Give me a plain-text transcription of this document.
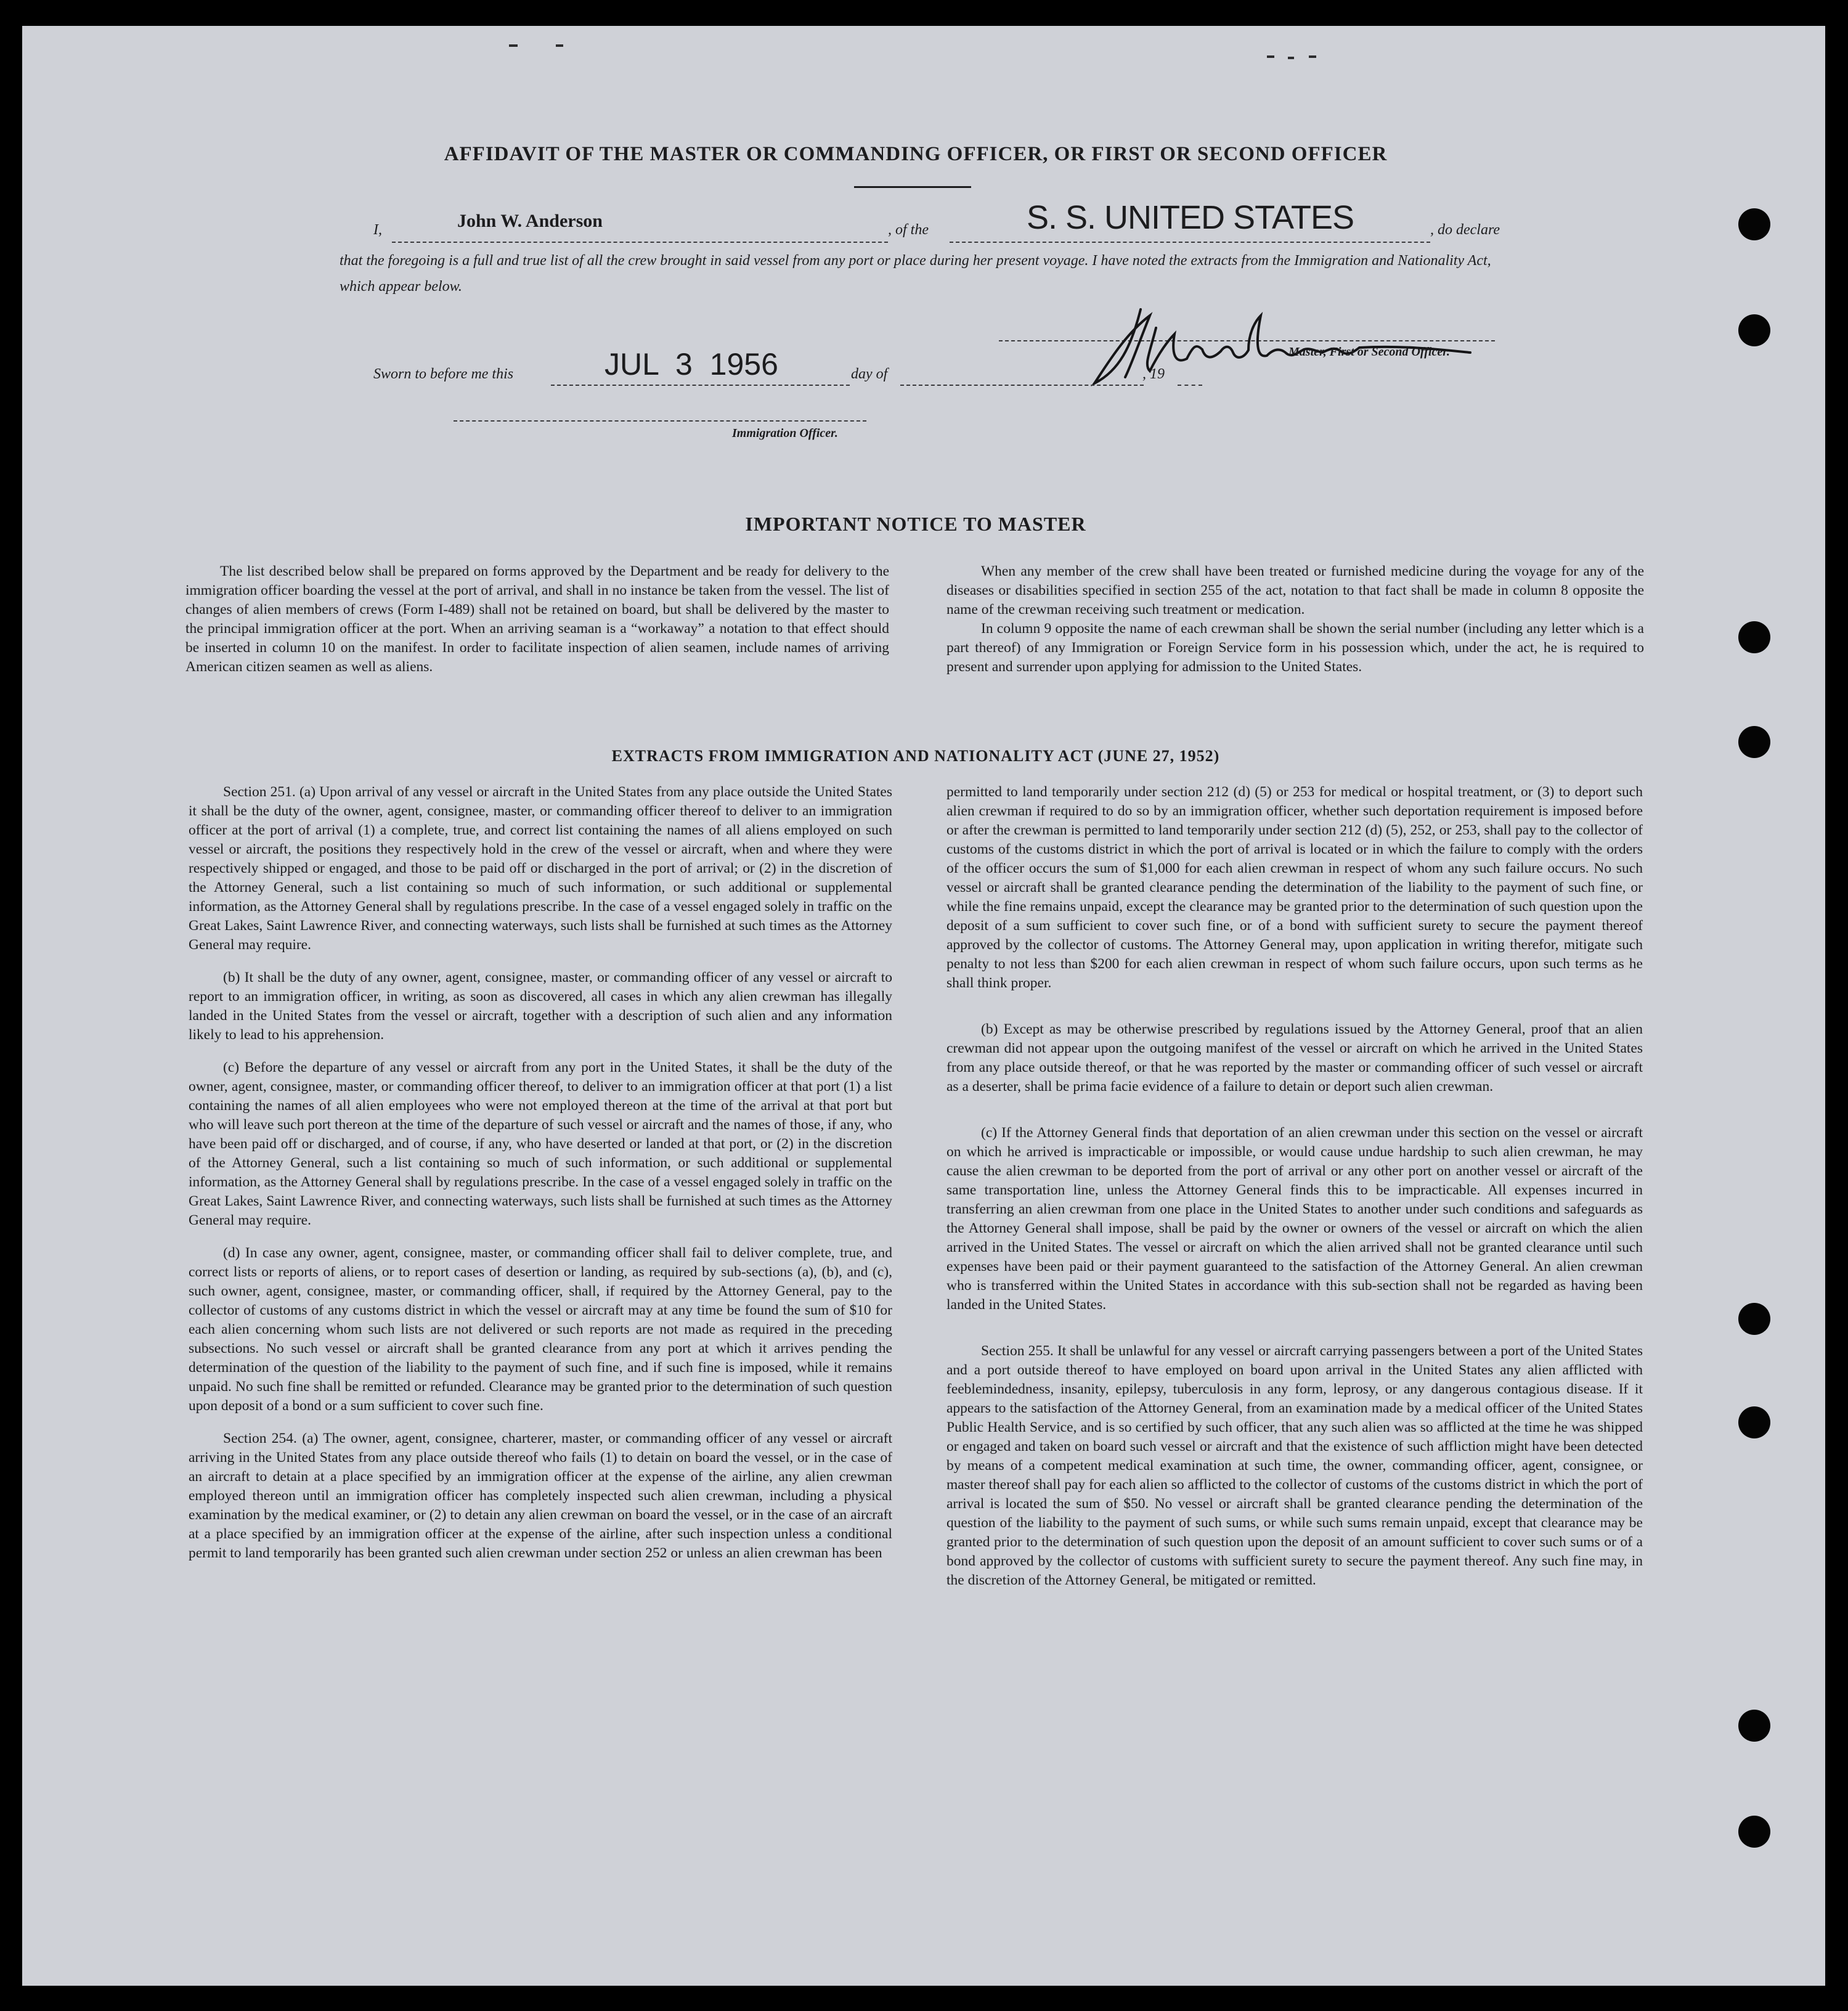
AFFIDAVIT OF THE MASTER OR COMMANDING OFFICER, OR FIRST OR SECOND OFFICER
I,	John W. Anderson	, of the	S. S. UNITED STATES	, do declare
that the foregoing is a full and true list of all the crew brought in said vessel from any port or place during her present voyage. I have noted the extracts from the Immigration and Nationality Act, which appear below.
Master, First or Second Officer.
Sworn to before me this	JUL 3 1956	day of	, 19
Immigration Officer.
IMPORTANT NOTICE TO MASTER

The list described below shall be prepared on forms approved by the Department and be ready for delivery to the immigration officer boarding the vessel at the port of arrival, and shall in no instance be taken from the vessel. The list of changes of alien members of crews (Form I-489) shall not be retained on board, but shall be delivered by the master to the principal immigration officer at the port. When an arriving seaman is a “workaway” a notation to that effect should be inserted in column 10 on the manifest. In order to facilitate inspection of alien seamen, include names of arriving American citizen seamen as well as aliens.

When any member of the crew shall have been treated or furnished medicine during the voyage for any of the diseases or disabilities specified in section 255 of the act, notation to that fact shall be made in column 8 opposite the name of the crewman receiving such treatment or medication.

In column 9 opposite the name of each crewman shall be shown the serial number (including any letter which is a part thereof) of any Immigration or Foreign Service form in his possession which, under the act, he is required to present and surrender upon applying for admission to the United States.

EXTRACTS FROM IMMIGRATION AND NATIONALITY ACT (JUNE 27, 1952)

Section 251. (a) Upon arrival of any vessel or aircraft in the United States from any place outside the United States it shall be the duty of the owner, agent, consignee, master, or commanding officer thereof to deliver to an immigration officer at the port of arrival (1) a complete, true, and correct list containing the names of all aliens employed on such vessel or aircraft, the positions they respectively hold in the crew of the vessel or aircraft, when and where they were respectively shipped or engaged, and those to be paid off or discharged in the port of arrival; or (2) in the discretion of the Attorney General, such a list containing so much of such information, or such additional or supplemental information, as the Attorney General shall by regulations prescribe. In the case of a vessel engaged solely in traffic on the Great Lakes, Saint Lawrence River, and connecting waterways, such lists shall be furnished at such times as the Attorney General may require.

(b) It shall be the duty of any owner, agent, consignee, master, or commanding officer of any vessel or aircraft to report to an immigration officer, in writing, as soon as discovered, all cases in which any alien crewman has illegally landed in the United States from the vessel or aircraft, together with a description of such alien and any information likely to lead to his apprehension.

(c) Before the departure of any vessel or aircraft from any port in the United States, it shall be the duty of the owner, agent, consignee, master, or commanding officer thereof, to deliver to an immigration officer at that port (1) a list containing the names of all alien employees who were not employed thereon at the time of the arrival at that port but who will leave such port thereon at the time of the departure of such vessel or aircraft and the names of those, if any, who have been paid off or discharged, and of course, if any, who have deserted or landed at that port, or (2) in the discretion of the Attorney General, such a list containing so much of such information, or such additional or supplemental information, as the Attorney General shall by regulations prescribe. In the case of a vessel engaged solely in traffic on the Great Lakes, Saint Lawrence River, and connecting waterways, such lists shall be furnished at such times as the Attorney General may require.

(d) In case any owner, agent, consignee, master, or commanding officer shall fail to deliver complete, true, and correct lists or reports of aliens, or to report cases of desertion or landing, as required by sub-sections (a), (b), and (c), such owner, agent, consignee, master, or commanding officer, shall, if required by the Attorney General, pay to the collector of customs of any customs district in which the vessel or aircraft may at any time be found the sum of $10 for each alien concerning whom such lists are not delivered or such reports are not made as required in the preceding subsections. No such vessel or aircraft shall be granted clearance from any port at which it arrives pending the determination of the question of the liability to the payment of such fine, and if such fine is imposed, while it remains unpaid. No such fine shall be remitted or refunded. Clearance may be granted prior to the determination of such question upon deposit of a bond or a sum sufficient to cover such fine.

Section 254. (a) The owner, agent, consignee, charterer, master, or commanding officer of any vessel or aircraft arriving in the United States from any place outside thereof who fails (1) to detain on board the vessel, or in the case of an aircraft to detain at a place specified by an immigration officer at the expense of the airline, any alien crewman employed thereon until an immigration officer has completely inspected such alien crewman, including a physical examination by the medical examiner, or (2) to detain any alien crewman on board the vessel, or in the case of an aircraft at a place specified by an immigration officer at the expense of the airline, after such inspection unless a conditional permit to land temporarily has been granted such alien crewman under section 252 or unless an alien crewman has been

permitted to land temporarily under section 212 (d) (5) or 253 for medical or hospital treatment, or (3) to deport such alien crewman if required to do so by an immigration officer, whether such deportation requirement is imposed before or after the crewman is permitted to land temporarily under section 212 (d) (5), 252, or 253, shall pay to the collector of customs of the customs district in which the port of arrival is located or in which the failure to comply with the orders of the officer occurs the sum of $1,000 for each alien crewman in respect of whom any such failure occurs. No such vessel or aircraft shall be granted clearance pending the determination of the liability to the payment of such fine, or while the fine remains unpaid, except the clearance may be granted prior to the determination of such question upon the deposit of a sum sufficient to cover such fine, or of a bond with sufficient surety to secure the payment thereof approved by the collector of customs. The Attorney General may, upon application in writing therefor, mitigate such penalty to not less than $200 for each alien crewman in respect of whom such failure occurs, upon such terms as he shall think proper.

(b) Except as may be otherwise prescribed by regulations issued by the Attorney General, proof that an alien crewman did not appear upon the outgoing manifest of the vessel or aircraft on which he arrived in the United States from any place outside thereof, or that he was reported by the master or commanding officer of such vessel or aircraft as a deserter, shall be prima facie evidence of a failure to detain or deport such alien crewman.

(c) If the Attorney General finds that deportation of an alien crewman under this section on the vessel or aircraft on which he arrived is impracticable or impossible, or would cause undue hardship to such alien crewman, he may cause the alien crewman to be deported from the port of arrival or any other port on another vessel or aircraft of the same transportation line, unless the Attorney General finds this to be impracticable. All expenses incurred in transferring an alien crewman from one place in the United States to another under such conditions and safeguards as the Attorney General shall impose, shall be paid by the owner or owners of the vessel or aircraft on which the alien arrived in the United States. The vessel or aircraft on which the alien arrived shall not be granted clearance until such expenses have been paid or their payment guaranteed to the satisfaction of the Attorney General. An alien crewman who is transferred within the United States in accordance with this sub-section shall not be regarded as having been landed in the United States.

Section 255. It shall be unlawful for any vessel or aircraft carrying passengers between a port of the United States and a port outside thereof to have employed on board upon arrival in the United States any alien afflicted with feeblemindedness, insanity, epilepsy, tuberculosis in any form, leprosy, or any dangerous contagious disease. If it appears to the satisfaction of the Attorney General, from an examination made by a medical officer of the United States Public Health Service, and is so certified by such officer, that any such alien was so afflicted at the time he was shipped or engaged and taken on board such vessel or aircraft and that the existence of such affliction might have been detected by means of a competent medical examination at such time, the owner, commanding officer, agent, consignee, or master thereof shall pay for each alien so afflicted to the collector of customs of the customs district in which the port of arrival is located the sum of $50. No vessel or aircraft shall be granted clearance pending the determination of the question of the liability to the payment of such sums, or while such sums remain unpaid, except that clearance may be granted prior to the determination of such question upon the deposit of an amount sufficient to cover such sums or of a bond approved by the collector of customs with sufficient surety to secure the payment thereof. Any such fine may, in the discretion of the Attorney General, be mitigated or remitted.
